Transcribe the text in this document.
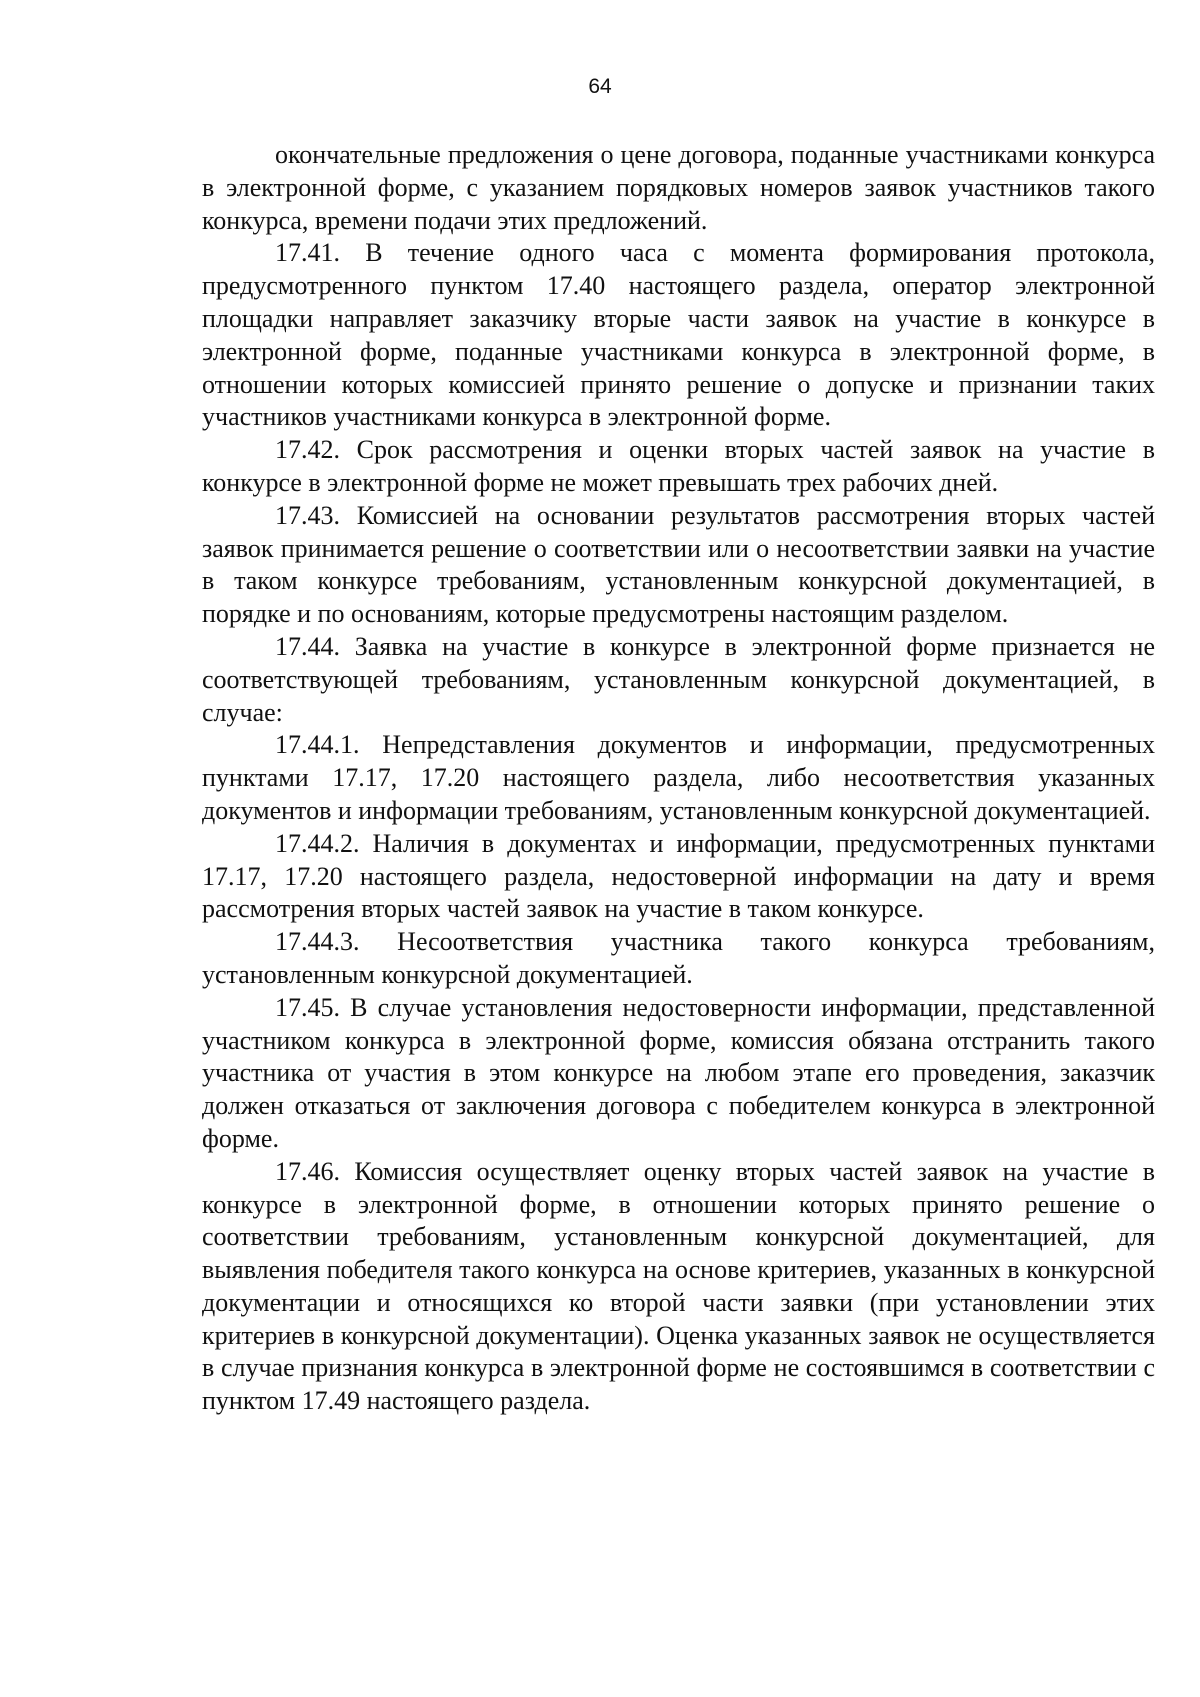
64

окончательные предложения о цене договора, поданные участниками конкурса в электронной форме, с указанием порядковых номеров заявок участников такого конкурса, времени подачи этих предложений.

17.41. В течение одного часа с момента формирования протокола, предусмотренного пунктом 17.40 настоящего раздела, оператор электронной площадки направляет заказчику вторые части заявок на участие в конкурсе в электронной форме, поданные участниками конкурса в электронной форме, в отношении которых комиссией принято решение о допуске и признании таких участников участниками конкурса в электронной форме.

17.42. Срок рассмотрения и оценки вторых частей заявок на участие в конкурсе в электронной форме не может превышать трех рабочих дней.

17.43. Комиссией на основании результатов рассмотрения вторых частей заявок принимается решение о соответствии или о несоответствии заявки на участие в таком конкурсе требованиям, установленным конкурсной документацией, в порядке и по основаниям, которые предусмотрены настоящим разделом.

17.44. Заявка на участие в конкурсе в электронной форме признается не соответствующей требованиям, установленным конкурсной документацией, в случае:

17.44.1. Непредставления документов и информации, предусмотренных пунктами 17.17, 17.20 настоящего раздела, либо несоответствия указанных документов и информации требованиям, установленным конкурсной документацией.

17.44.2. Наличия в документах и информации, предусмотренных пунктами 17.17, 17.20 настоящего раздела, недостоверной информации на дату и время рассмотрения вторых частей заявок на участие в таком конкурсе.

17.44.3. Несоответствия участника такого конкурса требованиям, установленным конкурсной документацией.

17.45. В случае установления недостоверности информации, представленной участником конкурса в электронной форме, комиссия обязана отстранить такого участника от участия в этом конкурсе на любом этапе его проведения, заказчик должен отказаться от заключения договора с победителем конкурса в электронной форме.

17.46. Комиссия осуществляет оценку вторых частей заявок на участие в конкурсе в электронной форме, в отношении которых принято решение о соответствии требованиям, установленным конкурсной документацией, для выявления победителя такого конкурса на основе критериев, указанных в конкурсной документации и относящихся ко второй части заявки (при установлении этих критериев в конкурсной документации). Оценка указанных заявок не осуществляется в случае признания конкурса в электронной форме не состоявшимся в соответствии с пунктом 17.49 настоящего раздела.
